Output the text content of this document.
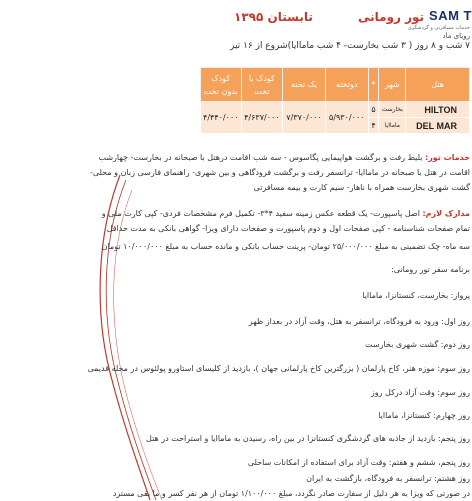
SAM T
خدمات مسافرتی و گردشگری
رویای ماد
تور رومانی
تابستان ۱۳۹۵
۷ شب و ۸ روز ( ۳ شب بخارست- ۴ شب ماماایا)
شروع از ۱۶ تیر
هتل	شهر	*	دوتخته	یک تخته	کودک با تخت	کودک بدون تخت
HILTON	بخارست	۵	۵/۹۳۰/۰۰۰	۷/۳۷۰/۰۰۰	۴/۶۳۷/۰۰۰	۴/۴۴۰/۰۰۰
DEL MAR	ماماایا	۴				
خدمات تور: بلیط رفت و برگشت هواپیمایی پگاسوس - سه شب اقامت درهتل با صبحانه در بخارست- چهارشب
اقامت در هتل با صبحانه در ماماایا- ترانسفر رفت و برگشت فرودگاهی و بین شهری- راهنمای فارسی زبان و محلی-
گشت شهری بخارست همراه با ناهار- سیم کارت و بیمه مسافرتی
مدارک لازم: اصل پاسپورت- یک قطعه عکس زمینه سفید ۴*۳- تکمیل فرم مشخصات فردی- کپی کارت ملی و
تمام صفحات شناسنامه - کپی صفحات اول و دوم پاسپورت و صفحات دارای ویزا- گواهی بانکی به مدت حداقل
سه ماه- چک تضمینی به مبلغ ۲۵/۰۰۰/۰۰۰ تومان- پرینت حساب بانکی و مانده حساب به مبلغ ۱۰/۰۰۰/۰۰۰ تومان
برنامه سفر تور رومانی:
پرواز: بخارست، کنستانزا، ماماایا
روز اول: ورود به فرودگاه، ترانسفر به هتل، وقت آزاد در بعداز ظهر
روز دوم: گشت شهری بخارست
روز سوم: موزه هنر، کاخ پارلمان ( بزرگترین کاخ پارلمانی جهان )، بازدید از کلیسای استاورو پولئوس در محله قدیمی
روز سوم: وقت آزاد درکل روز
روز چهارم: کنستانزا، ماماایا
روز پنجم: بازدید از جاذبه های گردشگری کنستانزا در بین راه، رسیدن به ماماایا و استراحت در هتل
روز پنجم، ششم و هفتم: وقت آزاد برای استفاده از امکانات ساحلی
روز هشتم: ترانسفر به فرودگاه، بازگشت به ایران
در صورتی که ویزا به هر دلیل از سفارت صادر نگردد، مبلغ ۱/۱۰۰/۰۰۰ تومان از هر نفر کسر و ما بقی مسترد
